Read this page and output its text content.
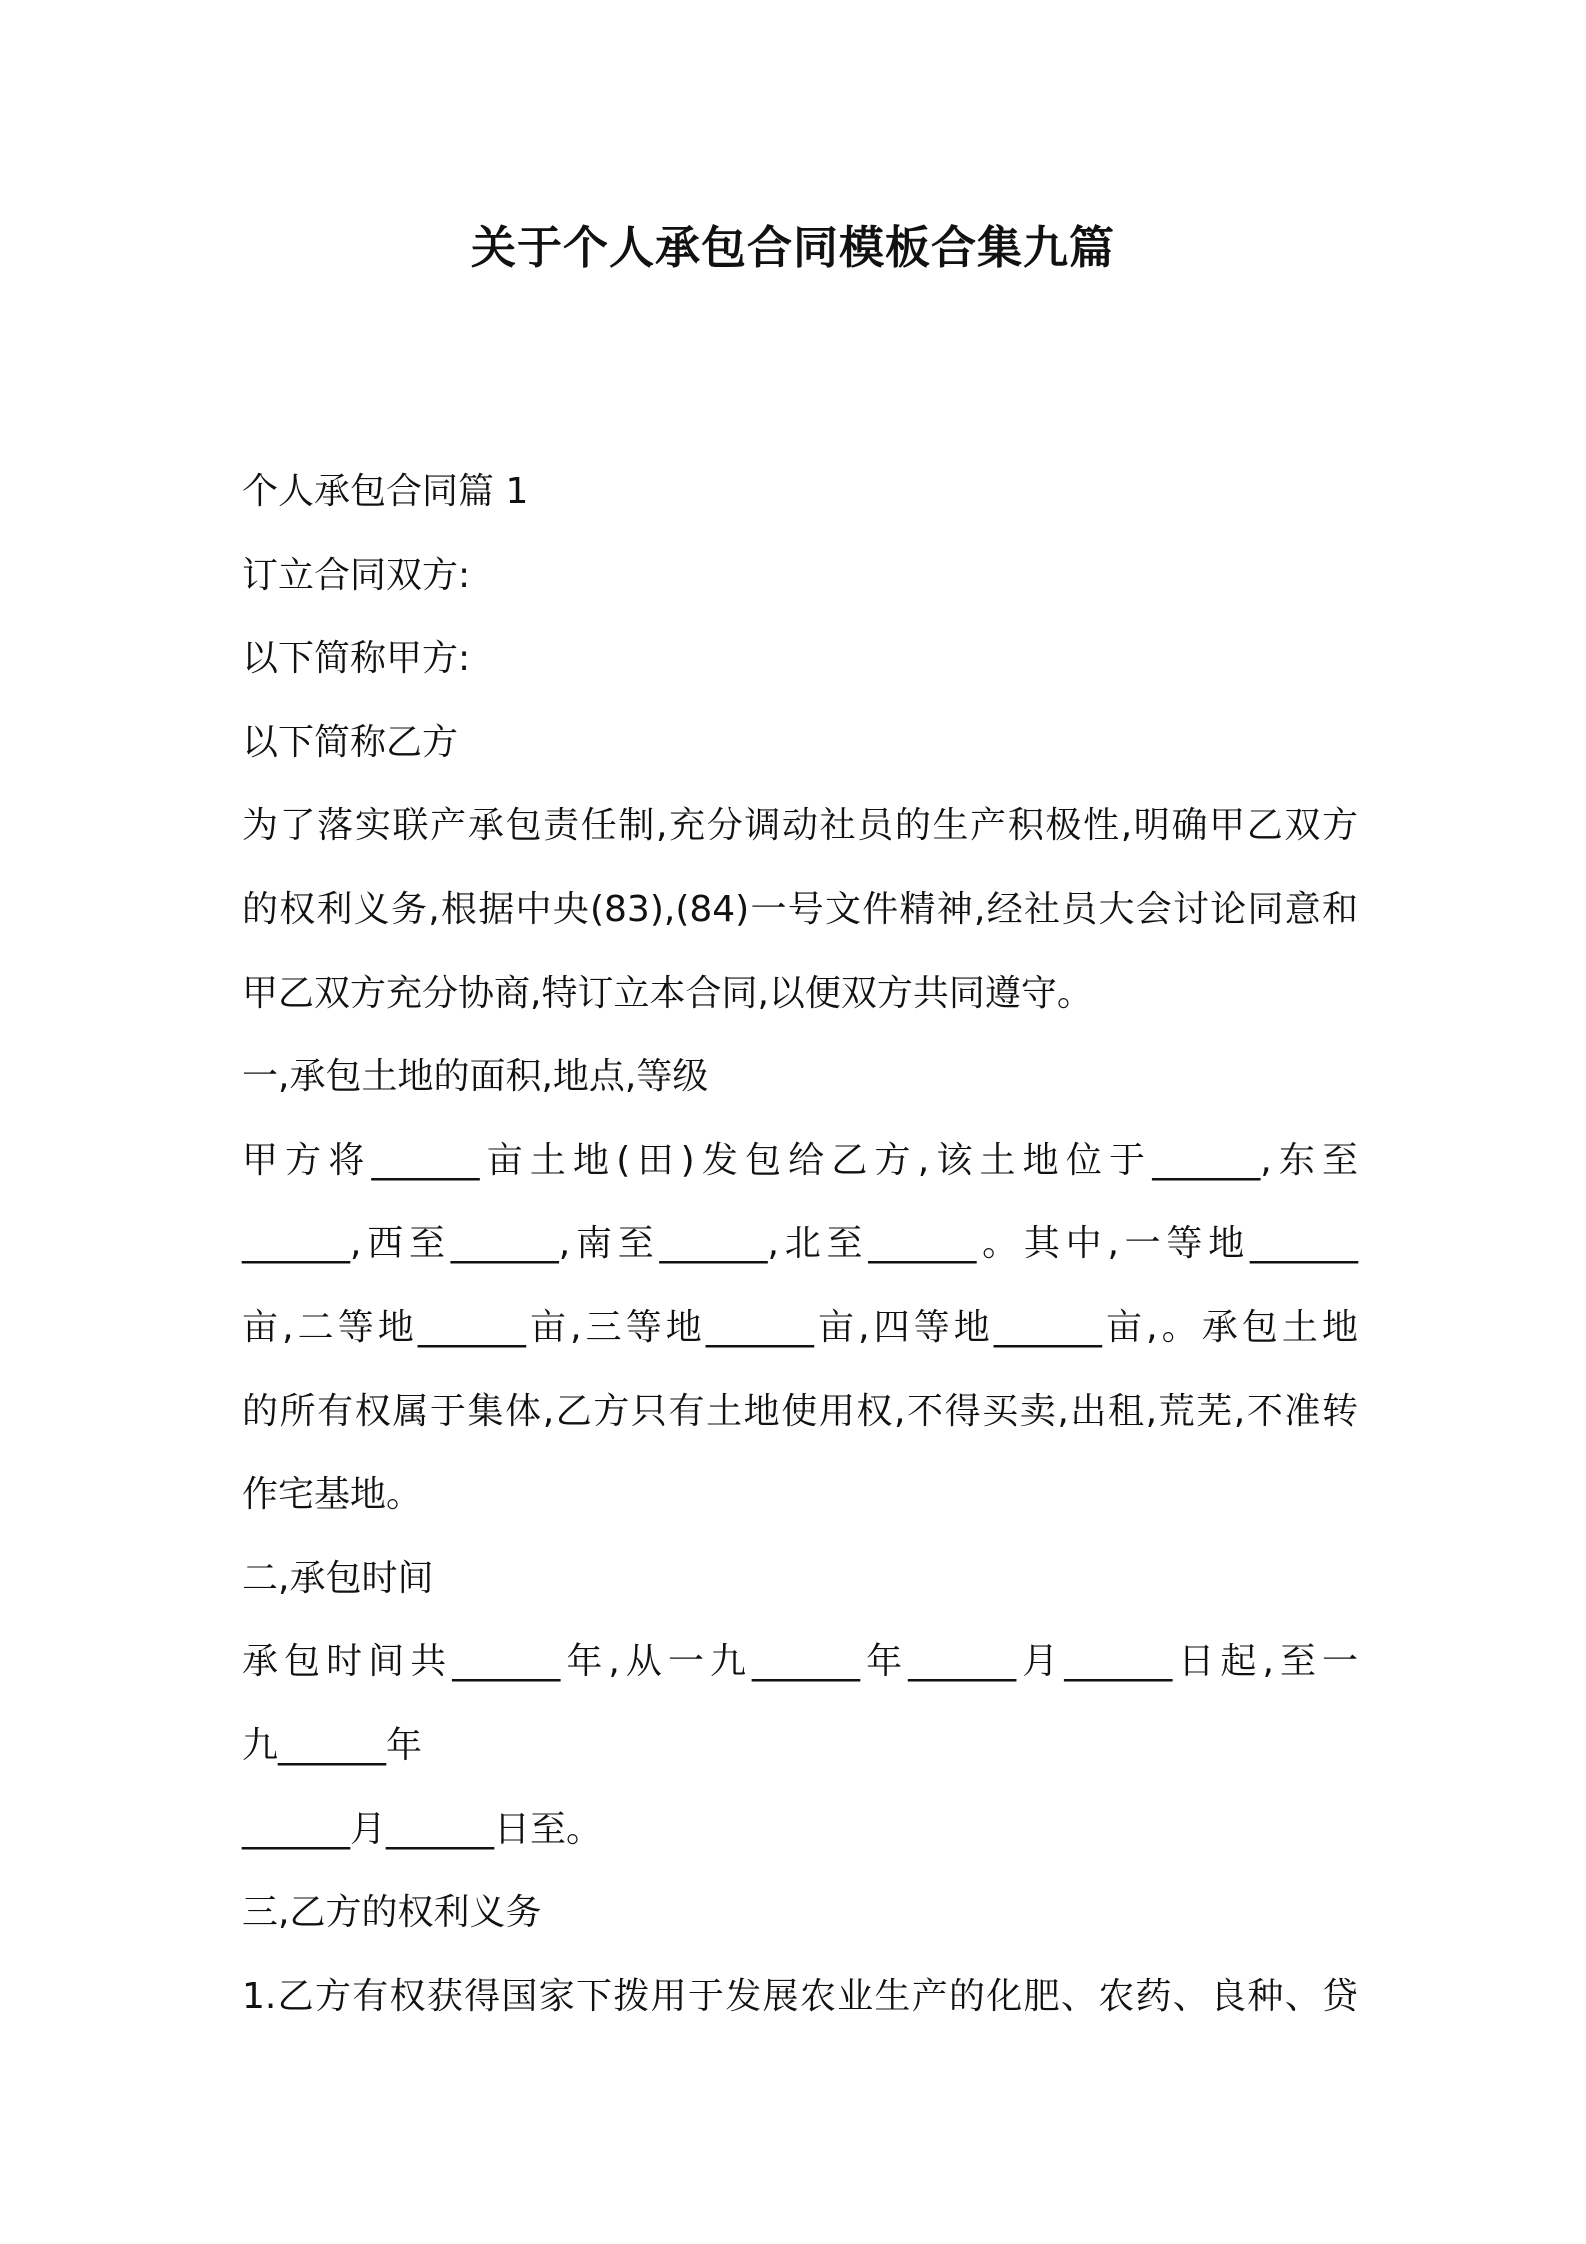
关于个人承包合同模板合集九篇
个人承包合同篇 1
订立合同双方:
以下简称甲方:
以下简称乙方
为了落实联产承包责任制,充分调动社员的生产积极性,明确甲乙双方
的权利义务,根据中央(83),(84)一号文件精神,经社员大会讨论同意和
甲乙双方充分协商,特订立本合同,以便双方共同遵守。
一,承包土地的面积,地点,等级
甲方将______亩土地(田)发包给乙方,该土地位于______,东至
______,西至______,南至______,北至______。其中,一等地______
亩,二等地______亩,三等地______亩,四等地______亩,。承包土地
的所有权属于集体,乙方只有土地使用权,不得买卖,出租,荒芜,不准转
作宅基地。
二,承包时间
承包时间共______年,从一九______年______月______日起,至一
九______年
______月______日至。
三,乙方的权利义务
1.乙方有权获得国家下拨用于发展农业生产的化肥、农药、良种、贷
